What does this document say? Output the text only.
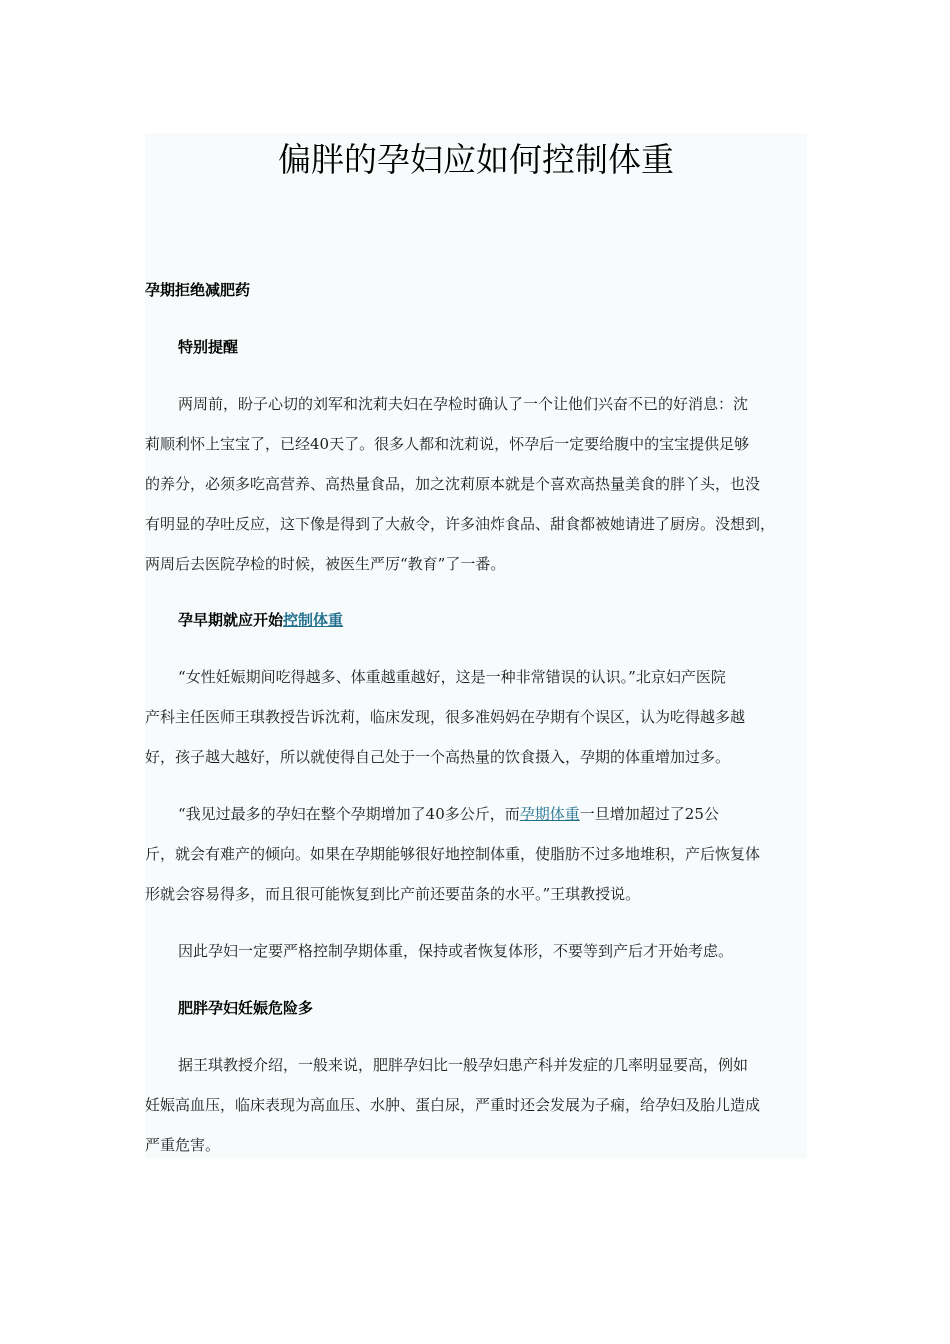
偏胖的孕妇应如何控制体重

孕期拒绝减肥药

特别提醒

两周前，盼子心切的刘军和沈莉夫妇在孕检时确认了一个让他们兴奋不已的好消息：沈
莉顺利怀上宝宝了，已经40天了。很多人都和沈莉说，怀孕后一定要给腹中的宝宝提供足够
的养分，必须多吃高营养、高热量食品，加之沈莉原本就是个喜欢高热量美食的胖丫头，也没
有明显的孕吐反应，这下像是得到了大赦令，许多油炸食品、甜食都被她请进了厨房。没想到，
两周后去医院孕检的时候，被医生严厉“教育”了一番。

孕早期就应开始控制体重

“女性妊娠期间吃得越多、体重越重越好，这是一种非常错误的认识。”北京妇产医院
产科主任医师王琪教授告诉沈莉，临床发现，很多准妈妈在孕期有个误区，认为吃得越多越
好，孩子越大越好，所以就使得自己处于一个高热量的饮食摄入，孕期的体重增加过多。
“我见过最多的孕妇在整个孕期增加了40多公斤，而孕期体重一旦增加超过了25公
斤，就会有难产的倾向。如果在孕期能够很好地控制体重，使脂肪不过多地堆积，产后恢复体
形就会容易得多，而且很可能恢复到比产前还要苗条的水平。”王琪教授说。
因此孕妇一定要严格控制孕期体重，保持或者恢复体形，不要等到产后才开始考虑。

肥胖孕妇妊娠危险多

据王琪教授介绍，一般来说，肥胖孕妇比一般孕妇患产科并发症的几率明显要高，例如
妊娠高血压，临床表现为高血压、水肿、蛋白尿，严重时还会发展为子痫，给孕妇及胎儿造成
严重危害。
